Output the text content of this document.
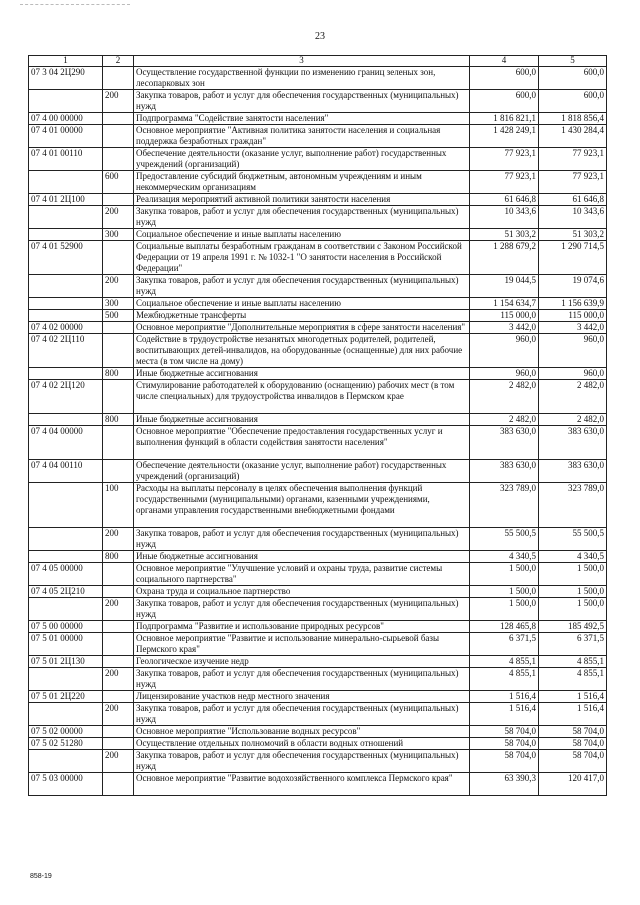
23
1	2	3	4	5
07 3 04 2Ц290		Осуществление государственной функции по изменению границ зеленых зон, лесопарковых зон	600,0	600,0
	200	Закупка товаров, работ и услуг для обеспечения государственных (муниципальных) нужд	600,0	600,0
07 4 00 00000		Подпрограмма "Содействие занятости населения"	1 816 821,1	1 818 856,4
07 4 01 00000		Основное мероприятие "Активная политика занятости населения и социальная поддержка безработных граждан"	1 428 249,1	1 430 284,4
07 4 01 00110		Обеспечение деятельности (оказание услуг, выполнение работ) государственных учреждений (организаций)	77 923,1	77 923,1
	600	Предоставление субсидий бюджетным, автономным учреждениям и иным некоммерческим организациям	77 923,1	77 923,1
07 4 01 2Ц100		Реализация мероприятий активной политики занятости населения	61 646,8	61 646,8
	200	Закупка товаров, работ и услуг для обеспечения государственных (муниципальных) нужд	10 343,6	10 343,6
	300	Социальное обеспечение и иные выплаты населению	51 303,2	51 303,2
07 4 01 52900		Социальные выплаты безработным гражданам в соответствии с Законом Российской Федерации от 19 апреля 1991 г. № 1032-1 "О занятости населения в Российской Федерации"	1 288 679,2	1 290 714,5
	200	Закупка товаров, работ и услуг для обеспечения государственных (муниципальных) нужд	19 044,5	19 074,6
	300	Социальное обеспечение и иные выплаты населению	1 154 634,7	1 156 639,9
	500	Межбюджетные трансферты	115 000,0	115 000,0
07 4 02 00000		Основное мероприятие "Дополнительные мероприятия в сфере занятости населения"	3 442,0	3 442,0
07 4 02 2Ц110		Содействие в трудоустройстве незанятых многодетных родителей, родителей, воспитывающих детей-инвалидов, на оборудованные (оснащенные) для них рабочие места (в том числе на дому)	960,0	960,0
	800	Иные бюджетные ассигнования	960,0	960,0
07 4 02 2Ц120		Стимулирование работодателей к оборудованию (оснащению) рабочих мест (в том числе специальных) для трудоустройства инвалидов в Пермском крае	2 482,0	2 482,0
	800	Иные бюджетные ассигнования	2 482,0	2 482,0
07 4 04 00000		Основное мероприятие "Обеспечение предоставления государственных услуг и выполнения функций в области содействия занятости населения"	383 630,0	383 630,0
07 4 04 00110		Обеспечение деятельности (оказание услуг, выполнение работ) государственных учреждений (организаций)	383 630,0	383 630,0
	100	Расходы на выплаты персоналу в целях обеспечения выполнения функций государственными (муниципальными) органами, казенными учреждениями, органами управления государственными внебюджетными фондами	323 789,0	323 789,0
	200	Закупка товаров, работ и услуг для обеспечения государственных (муниципальных) нужд	55 500,5	55 500,5
	800	Иные бюджетные ассигнования	4 340,5	4 340,5
07 4 05 00000		Основное мероприятие "Улучшение условий и охраны труда, развитие системы социального партнерства"	1 500,0	1 500,0
07 4 05 2Ц210		Охрана труда и социальное партнерство	1 500,0	1 500,0
	200	Закупка товаров, работ и услуг для обеспечения государственных (муниципальных) нужд	1 500,0	1 500,0
07 5 00 00000		Подпрограмма "Развитие и использование природных ресурсов"	128 465,8	185 492,5
07 5 01 00000		Основное мероприятие "Развитие и использование минерально-сырьевой базы Пермского края"	6 371,5	6 371,5
07 5 01 2Ц130		Геологическое изучение недр	4 855,1	4 855,1
	200	Закупка товаров, работ и услуг для обеспечения государственных (муниципальных) нужд	4 855,1	4 855,1
07 5 01 2Ц220		Лицензирование участков недр местного значения	1 516,4	1 516,4
	200	Закупка товаров, работ и услуг для обеспечения государственных (муниципальных) нужд	1 516,4	1 516,4
07 5 02 00000		Основное мероприятие "Использование водных ресурсов"	58 704,0	58 704,0
07 5 02 51280		Осуществление отдельных полномочий в области водных отношений	58 704,0	58 704,0
	200	Закупка товаров, работ и услуг для обеспечения государственных (муниципальных) нужд	58 704,0	58 704,0
07 5 03 00000		Основное мероприятие "Развитие водохозяйственного комплекса Пермского края"	63 390,3	120 417,0
858-19
